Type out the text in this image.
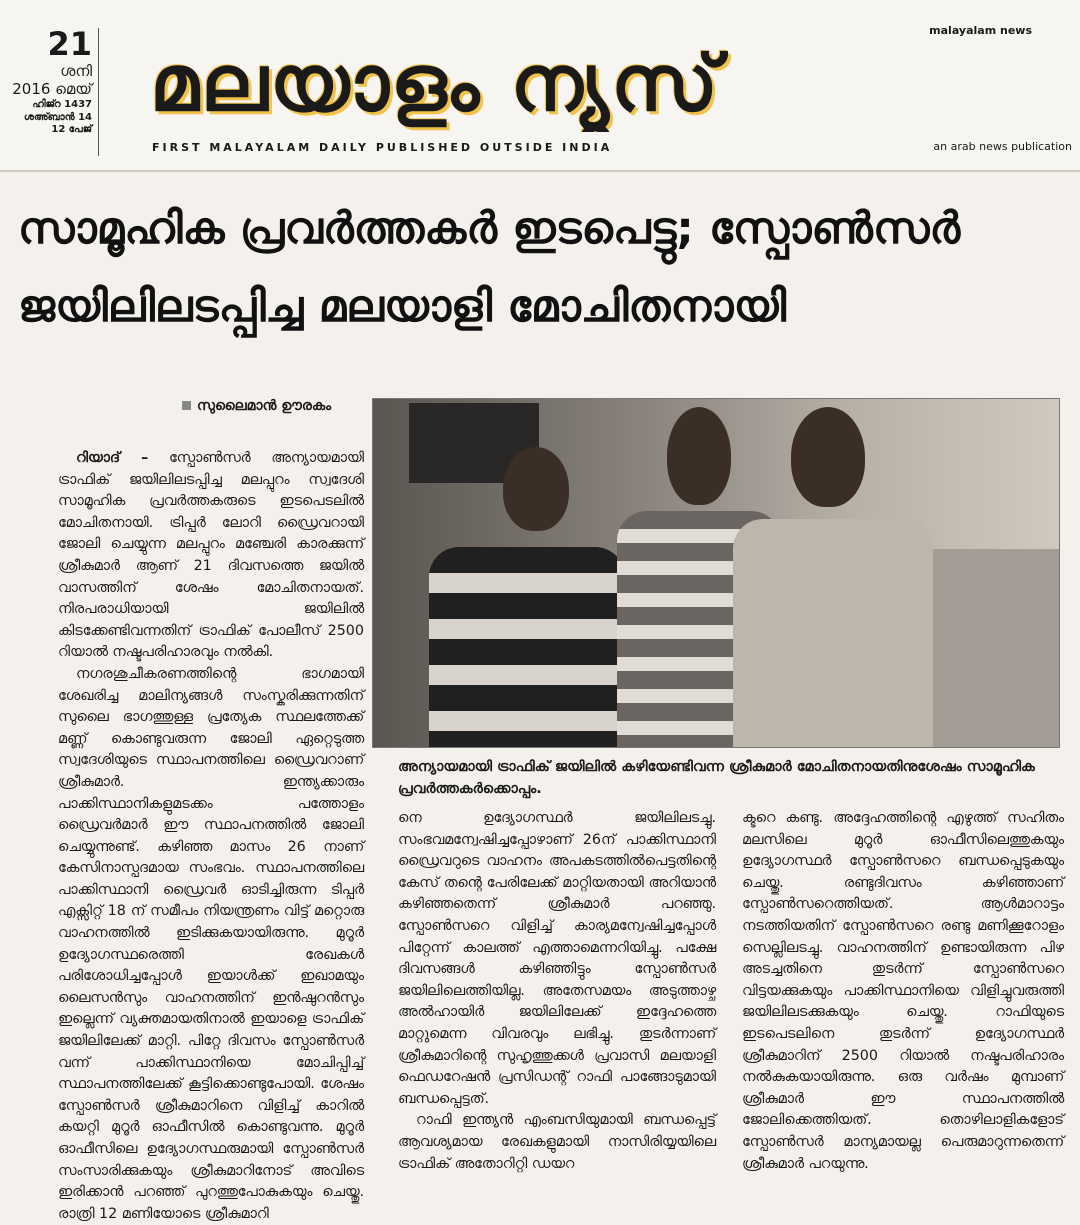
21
ശനി
2016 മെയ്
ഹിജ്റ 1437
ശഅ്ബാൻ 14
12 പേജ്
malayalam news
മലയാളം ന്യൂസ്
FIRST MALAYALAM DAILY PUBLISHED OUTSIDE INDIA	an arab news publication
സാമൂഹിക പ്രവർത്തകർ ഇടപെട്ടു; സ്പോൺസർ
ജയിലിലടപ്പിച്ച മലയാളി മോചിതനായി
സുലൈമാൻ ഊരകം
അന്യായമായി ട്രാഫിക് ജയിലിൽ കഴിയേണ്ടിവന്ന ശ്രീകുമാർ മോചിതനായതിനുശേഷം സാമൂഹിക പ്രവർത്തകർക്കൊപ്പം.

റിയാദ് – സ്പോൺസർ അന്യായമായി ട്രാഫിക് ജയിലിലടപ്പിച്ച മലപ്പുറം സ്വദേശി സാമൂഹിക പ്രവർത്തകരുടെ ഇടപെടലിൽ മോചിതനായി. ട്രിപ്പർ ലോറി ഡ്രൈവറായി ജോലി ചെയ്യുന്ന മലപ്പുറം മഞ്ചേരി കാരക്കുന്ന് ശ്രീകുമാർ ആണ് 21 ദിവസത്തെ ജയിൽ വാസത്തിന് ശേഷം മോചിതനായത്. നിരപരാധിയായി ജയിലിൽ കിടക്കേണ്ടിവന്നതിന് ട്രാഫിക് പോലീസ് 2500 റിയാൽ നഷ്ടപരിഹാരവും നൽകി.

നഗരശുചീകരണത്തിന്റെ ഭാഗമായി ശേഖരിച്ച മാലിന്യങ്ങൾ സംസ്കരിക്കുന്നതിന് സുലൈ ഭാഗത്തുള്ള പ്രത്യേക സ്ഥലത്തേക്ക് മണ്ണ് കൊണ്ടുവരുന്ന ജോലി ഏറ്റെടുത്ത സ്വദേശിയുടെ സ്ഥാപനത്തിലെ ഡ്രൈവറാണ് ശ്രീകുമാർ. ഇന്ത്യക്കാരും പാക്കിസ്ഥാനികളുമടക്കം പത്തോളം ഡ്രൈവർമാർ ഈ സ്ഥാപനത്തിൽ ജോലി ചെയ്യുന്നുണ്ട്. കഴിഞ്ഞ മാസം 26 നാണ് കേസിനാസ്പദമായ സംഭവം. സ്ഥാപനത്തിലെ പാക്കിസ്ഥാനി ഡ്രൈവർ ഓടിച്ചിരുന്ന ടിപ്പർ എക്സിറ്റ് 18 ന് സമീപം നിയന്ത്രണം വിട്ട് മറ്റൊരു വാഹനത്തിൽ ഇടിക്കുകയായിരുന്നു. മുറൂർ ഉദ്യോഗസ്ഥരെത്തി രേഖകൾ പരിശോധിച്ചപ്പോൾ ഇയാൾക്ക് ഇഖാമയും ലൈസൻസും വാഹനത്തിന് ഇൻഷുറൻസും ഇല്ലെന്ന് വ്യക്തമായതിനാൽ ഇയാളെ ട്രാഫിക് ജയിലിലേക്ക് മാറ്റി. പിറ്റേ ദിവസം സ്പോൺസർ വന്ന് പാക്കിസ്ഥാനിയെ മോചിപ്പിച്ച് സ്ഥാപനത്തിലേക്ക് കൂട്ടിക്കൊണ്ടുപോയി. ശേഷം സ്പോൺസർ ശ്രീകുമാറിനെ വിളിച്ച് കാറിൽ കയറ്റി മുറൂർ ഓഫീസിൽ കൊണ്ടുവന്നു. മുറൂർ ഓഫീസിലെ ഉദ്യോഗസ്ഥരുമായി സ്പോൺസർ സംസാരിക്കുകയും ശ്രീകുമാറിനോട് അവിടെ ഇരിക്കാൻ പറഞ്ഞ് പുറത്തുപോകുകയും ചെയ്തു. രാത്രി 12 മണിയോടെ ശ്രീകുമാറി

നെ ഉദ്യോഗസ്ഥർ ജയിലിലടച്ചു. സംഭവമന്വേഷിച്ചപ്പോഴാണ് 26ന് പാക്കിസ്ഥാനി ഡ്രൈവറുടെ വാഹനം അപകടത്തിൽപെട്ടതിന്റെ കേസ് തന്റെ പേരിലേക്ക് മാറ്റിയതായി അറിയാൻ കഴിഞ്ഞതെന്ന് ശ്രീകുമാർ പറഞ്ഞു. സ്പോൺസറെ വിളിച്ച് കാര്യമന്വേഷിച്ചപ്പോൾ പിറ്റേന്ന് കാലത്ത് എത്താമെന്നറിയിച്ചു. പക്ഷേ ദിവസങ്ങൾ കഴിഞ്ഞിട്ടും സ്പോൺസർ ജയിലിലെത്തിയില്ല. അതേസമയം അടുത്താഴ്ച അൽഹായിർ ജയിലിലേക്ക് ഇദ്ദേഹത്തെ മാറ്റുമെന്ന വിവരവും ലഭിച്ചു. തുടർന്നാണ് ശ്രീകുമാറിന്റെ സുഹൃത്തുക്കൾ പ്രവാസി മലയാളി ഫെഡറേഷൻ പ്രസിഡന്റ് റാഫി പാങ്ങോടുമായി ബന്ധപ്പെട്ടത്.

റാഫി ഇന്ത്യൻ എംബസിയുമായി ബന്ധപ്പെട്ട് ആവശ്യമായ രേഖകളുമായി നാസിരിയ്യയിലെ ട്രാഫിക് അതോറിറ്റി ഡയറ

ക്ടറെ കണ്ടു. അദ്ദേഹത്തിന്റെ എഴുത്ത് സഹിതം മലസിലെ മുറൂർ ഓഫീസിലെത്തുകയും ഉദ്യോഗസ്ഥർ സ്പോൺസറെ ബന്ധപ്പെടുകയും ചെയ്തു. രണ്ടുദിവസം കഴിഞ്ഞാണ് സ്പോൺസറെത്തിയത്. ആൾമാറാട്ടം നടത്തിയതിന് സ്പോൺസറെ രണ്ടു മണിക്കൂറോളം സെല്ലിലടച്ചു. വാഹനത്തിന് ഉണ്ടായിരുന്ന പിഴ അടച്ചതിനെ തുടർന്ന് സ്പോൺസറെ വിട്ടയക്കുകയും പാക്കിസ്ഥാനിയെ വിളിച്ചുവരുത്തി ജയിലിലടക്കുകയും ചെയ്തു. റാഫിയുടെ ഇടപെടലിനെ തുടർന്ന് ഉദ്യോഗസ്ഥർ ശ്രീകുമാറിന് 2500 റിയാൽ നഷ്ടപരിഹാരം നൽകുകയായിരുന്നു. ഒരു വർഷം മുമ്പാണ് ശ്രീകുമാർ ഈ സ്ഥാപനത്തിൽ ജോലിക്കെത്തിയത്. തൊഴിലാളികളോട് സ്പോൺസർ മാന്യമായല്ല പെരുമാറുന്നതെന്ന് ശ്രീകുമാർ പറയുന്നു.
